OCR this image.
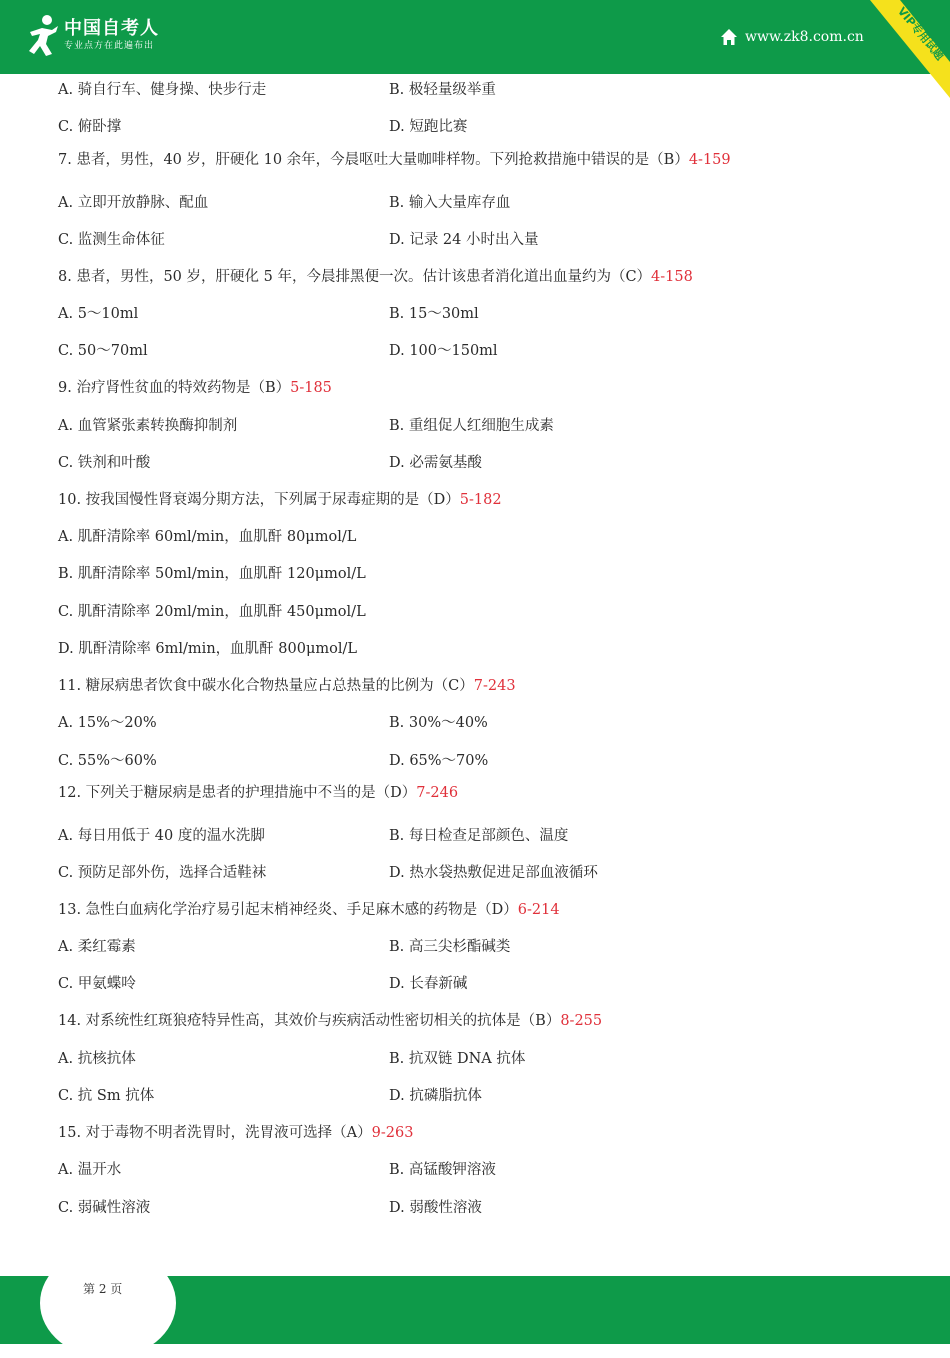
中国自考人
专业点方在此遍布出
www.zk8.com.cn	VIP专用试题
A. 骑自行车、健身操、快步行走	B. 极轻量级举重
C. 俯卧撑	D. 短跑比赛
7. 患者，男性，40 岁，肝硬化 10 余年，今晨呕吐大量咖啡样物。下列抢救措施中错误的是（B）4-159
A. 立即开放静脉、配血	B. 输入大量库存血
C. 监测生命体征	D. 记录 24 小时出入量
8. 患者，男性，50 岁，肝硬化 5 年，今晨排黑便一次。估计该患者消化道出血量约为（C）4-158
A. 5～10ml	B. 15～30ml
C. 50～70ml	D. 100～150ml
9. 治疗肾性贫血的特效药物是（B）5-185
A. 血管紧张素转换酶抑制剂	B. 重组促人红细胞生成素
C. 铁剂和叶酸	D. 必需氨基酸
10. 按我国慢性肾衰竭分期方法，下列属于尿毒症期的是（D）5-182
A. 肌酐清除率 60ml/min，血肌酐 80μmol/L
B. 肌酐清除率 50ml/min，血肌酐 120μmol/L
C. 肌酐清除率 20ml/min，血肌酐 450μmol/L
D. 肌酐清除率 6ml/min，血肌酐 800μmol/L
11. 糖尿病患者饮食中碳水化合物热量应占总热量的比例为（C）7-243
A. 15%～20%	B. 30%～40%
C. 55%～60%	D. 65%～70%
12. 下列关于糖尿病是患者的护理措施中不当的是（D）7-246
A. 每日用低于 40 度的温水洗脚	B. 每日检查足部颜色、温度
C. 预防足部外伤，选择合适鞋袜	D. 热水袋热敷促进足部血液循环
13. 急性白血病化学治疗易引起末梢神经炎、手足麻木感的药物是（D）6-214
A. 柔红霉素	B. 高三尖杉酯碱类
C. 甲氨蝶呤	D. 长春新碱
14. 对系统性红斑狼疮特异性高，其效价与疾病活动性密切相关的抗体是（B）8-255
A. 抗核抗体	B. 抗双链 DNA 抗体
C. 抗 Sm 抗体	D. 抗磷脂抗体
15. 对于毒物不明者洗胃时，洗胃液可选择（A）9-263
A. 温开水	B. 高锰酸钾溶液
C. 弱碱性溶液	D. 弱酸性溶液
第 2 页
